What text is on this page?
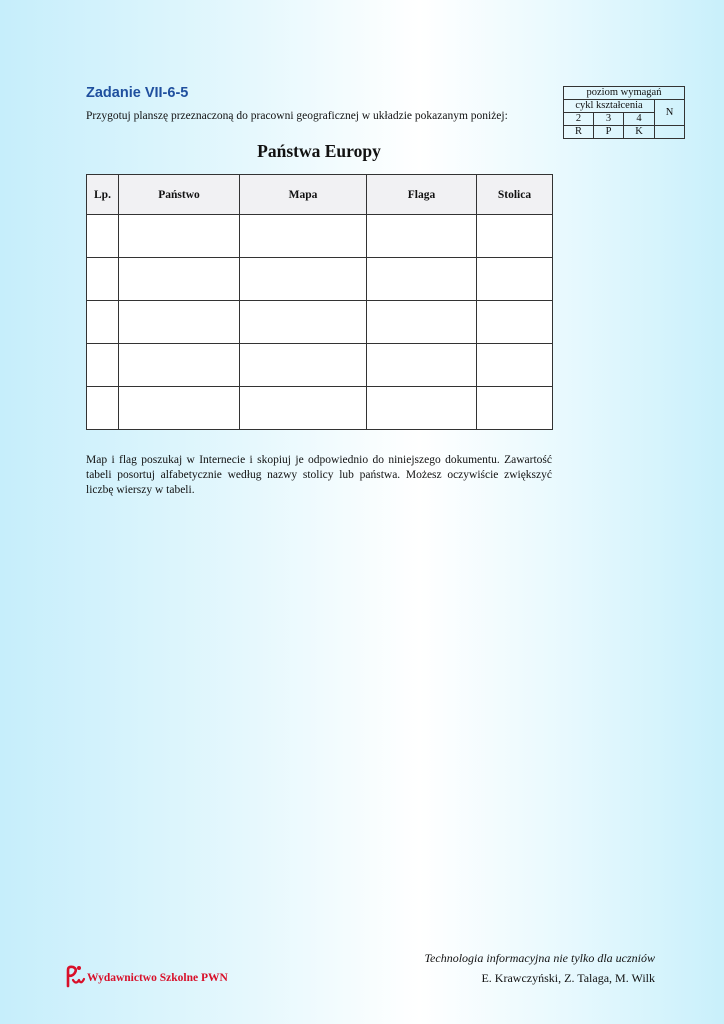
Zadanie VII-6-5
Przygotuj planszę przeznaczoną do pracowni geograficznej w układzie pokazanym poniżej:
poziom wymagań			
cykl kształcenia			N
2	3	4	
R	P	K	
Państwa Europy
Lp.	Państwo	Mapa	Flaga	Stolica

Map i flag poszukaj w Internecie i skopiuj je odpowiednio do niniejszego dokumentu. Zawartość tabeli posortuj alfabetycznie według nazwy stolicy lub państwa. Możesz oczywiście zwiększyć liczbę wierszy w tabeli.

Technologia informacyjna nie tylko dla uczniów
E. Krawczyński, Z. Talaga, M. Wilk
Wydawnictwo Szkolne PWN
